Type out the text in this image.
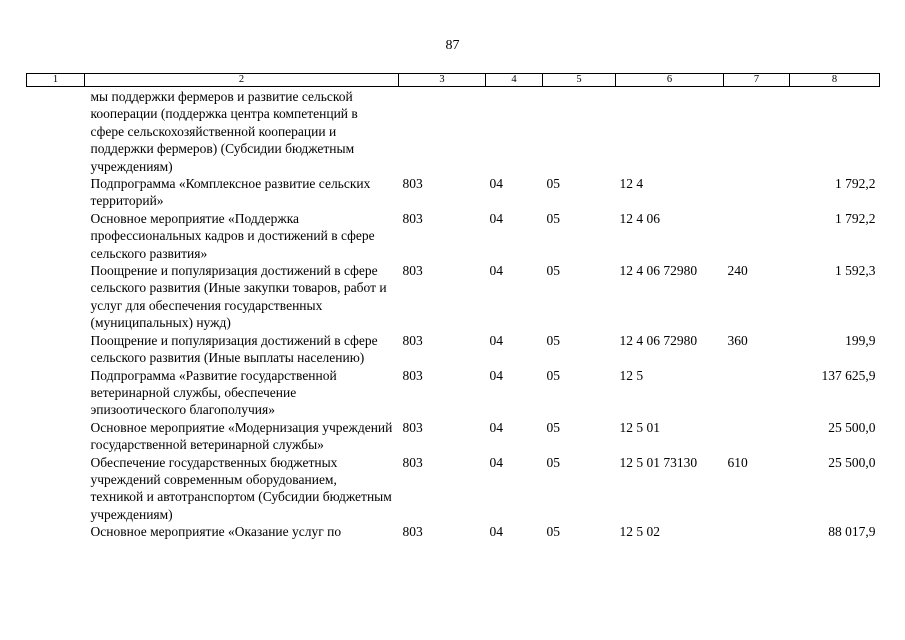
87
1	2	3	4	5	6	7	8
	мы поддержки фермеров и развитие сельской кооперации (поддержка центра компетенций в сфере сельскохозяйственной кооперации и поддержки фермеров) (Субсидии бюджетным учреждениям)						
	Подпрограмма «Комплексное развитие сельских территорий»	803	04	05	12 4		1 792,2
	Основное мероприятие «Поддержка профессиональных кадров и достижений в сфере сельского развития»	803	04	05	12 4 06		1 792,2
	Поощрение и популяризация достижений в сфере сельского развития (Иные закупки товаров, работ и услуг для обеспечения государственных (муниципальных) нужд)	803	04	05	12 4 06 72980	240	1 592,3
	Поощрение и популяризация достижений в сфере сельского развития (Иные выплаты населению)	803	04	05	12 4 06 72980	360	199,9
	Подпрограмма «Развитие государственной ветеринарной службы, обеспечение эпизоотического благополучия»	803	04	05	12 5		137 625,9
	Основное мероприятие «Модернизация учреждений государственной ветеринарной службы»	803	04	05	12 5 01		25 500,0
	Обеспечение государственных бюджетных учреждений современным оборудованием, техникой и автотранспортом (Субсидии бюджетным учреждениям)	803	04	05	12 5 01 73130	610	25 500,0
	Основное мероприятие «Оказание услуг по	803	04	05	12 5 02		88 017,9
